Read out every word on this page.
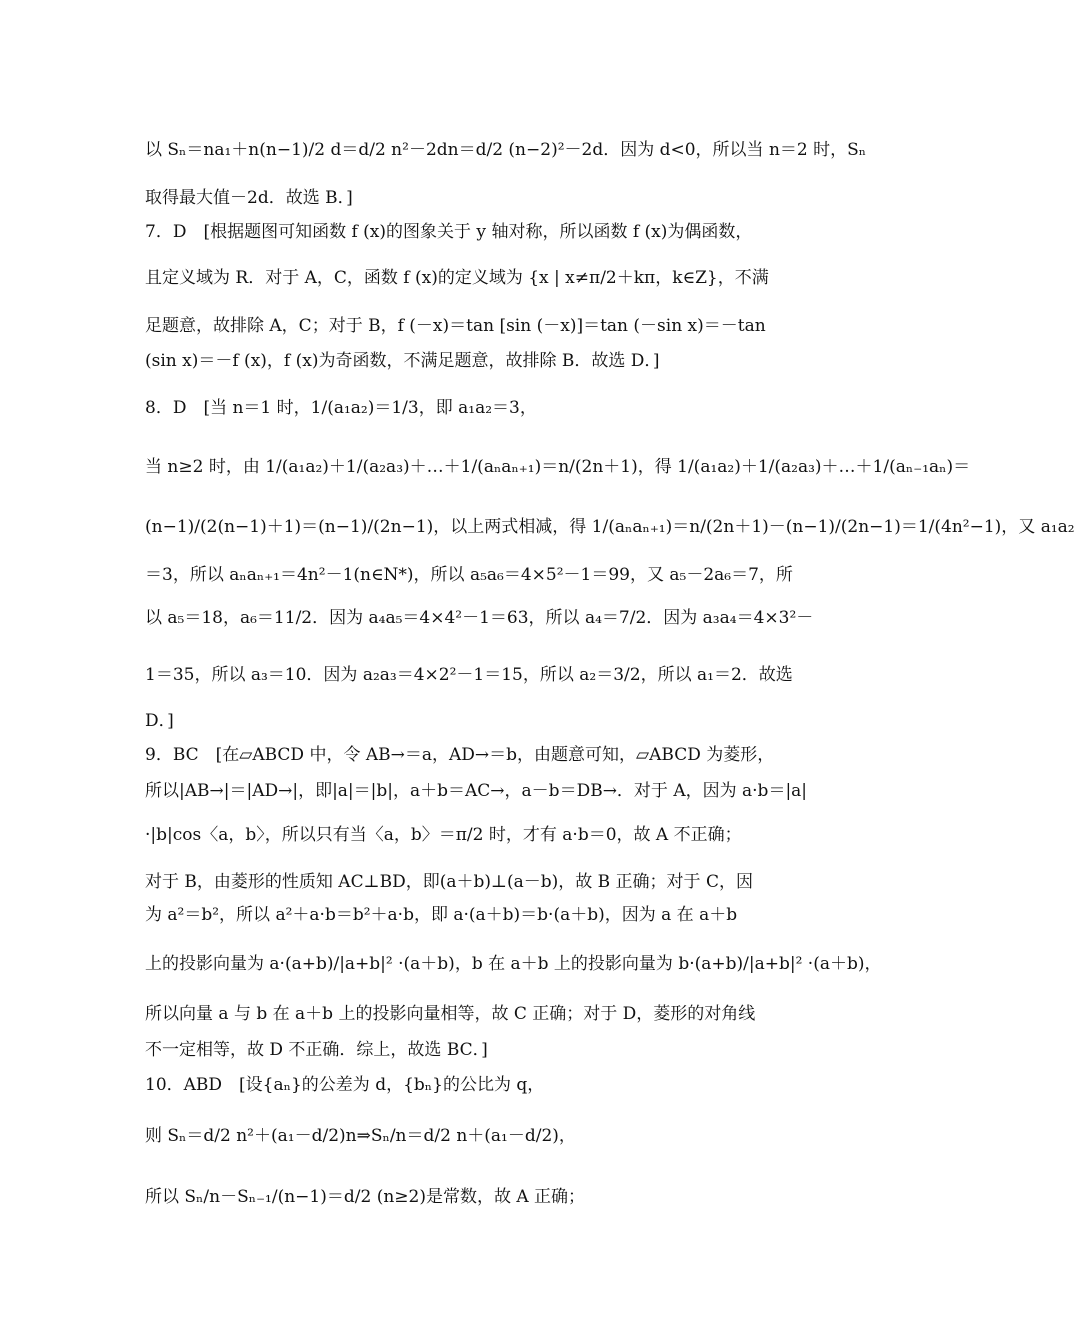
以 Sₙ＝na₁＋n(n−1)/2 d＝d/2 n²－2dn＝d/2 (n−2)²－2d．因为 d<0，所以当 n＝2 时，Sₙ
取得最大值－2d．故选 B．]
7．D　[根据题图可知函数 f (x)的图象关于 y 轴对称，所以函数 f (x)为偶函数，
且定义域为 R．对于 A，C，函数 f (x)的定义域为 {x | x≠π/2＋kπ，k∈Z}，不满
足题意，故排除 A，C；对于 B，f (－x)＝tan [sin (－x)]＝tan (－sin x)＝－tan
(sin x)＝－f (x)，f (x)为奇函数，不满足题意，故排除 B．故选 D．]
8．D　[当 n＝1 时，1/(a₁a₂)＝1/3，即 a₁a₂＝3，
当 n≥2 时，由 1/(a₁a₂)＋1/(a₂a₃)＋…＋1/(aₙaₙ₊₁)＝n/(2n＋1)，得 1/(a₁a₂)＋1/(a₂a₃)＋…＋1/(aₙ₋₁aₙ)＝
(n−1)/(2(n−1)＋1)＝(n−1)/(2n−1)，以上两式相减，得 1/(aₙaₙ₊₁)＝n/(2n＋1)－(n−1)/(2n−1)＝1/(4n²−1)，又 a₁a₂
＝3，所以 aₙaₙ₊₁＝4n²－1(n∈N*)，所以 a₅a₆＝4×5²－1＝99，又 a₅－2a₆＝7，所
以 a₅＝18，a₆＝11/2．因为 a₄a₅＝4×4²－1＝63，所以 a₄＝7/2．因为 a₃a₄＝4×3²－
1＝35，所以 a₃＝10．因为 a₂a₃＝4×2²－1＝15，所以 a₂＝3/2，所以 a₁＝2．故选
D．]
9．BC　[在▱ABCD 中，令 AB→＝a，AD→＝b，由题意可知，▱ABCD 为菱形，
所以|AB→|＝|AD→|，即|a|＝|b|，a＋b＝AC→，a－b＝DB→．对于 A，因为 a·b＝|a|
·|b|cos〈a，b〉，所以只有当〈a，b〉＝π/2 时，才有 a·b＝0，故 A 不正确；
对于 B，由菱形的性质知 AC⊥BD，即(a＋b)⊥(a－b)，故 B 正确；对于 C，因
为 a²＝b²，所以 a²＋a·b＝b²＋a·b，即 a·(a＋b)＝b·(a＋b)，因为 a 在 a＋b
上的投影向量为 a·(a+b)/|a+b|² ·(a＋b)，b 在 a＋b 上的投影向量为 b·(a+b)/|a+b|² ·(a＋b)，
所以向量 a 与 b 在 a＋b 上的投影向量相等，故 C 正确；对于 D，菱形的对角线
不一定相等，故 D 不正确．综上，故选 BC．]
10．ABD　[设{aₙ}的公差为 d，{bₙ}的公比为 q，
则 Sₙ＝d/2 n²＋(a₁－d/2)n⇒Sₙ/n＝d/2 n＋(a₁－d/2)，
所以 Sₙ/n－Sₙ₋₁/(n−1)＝d/2 (n≥2)是常数，故 A 正确；
